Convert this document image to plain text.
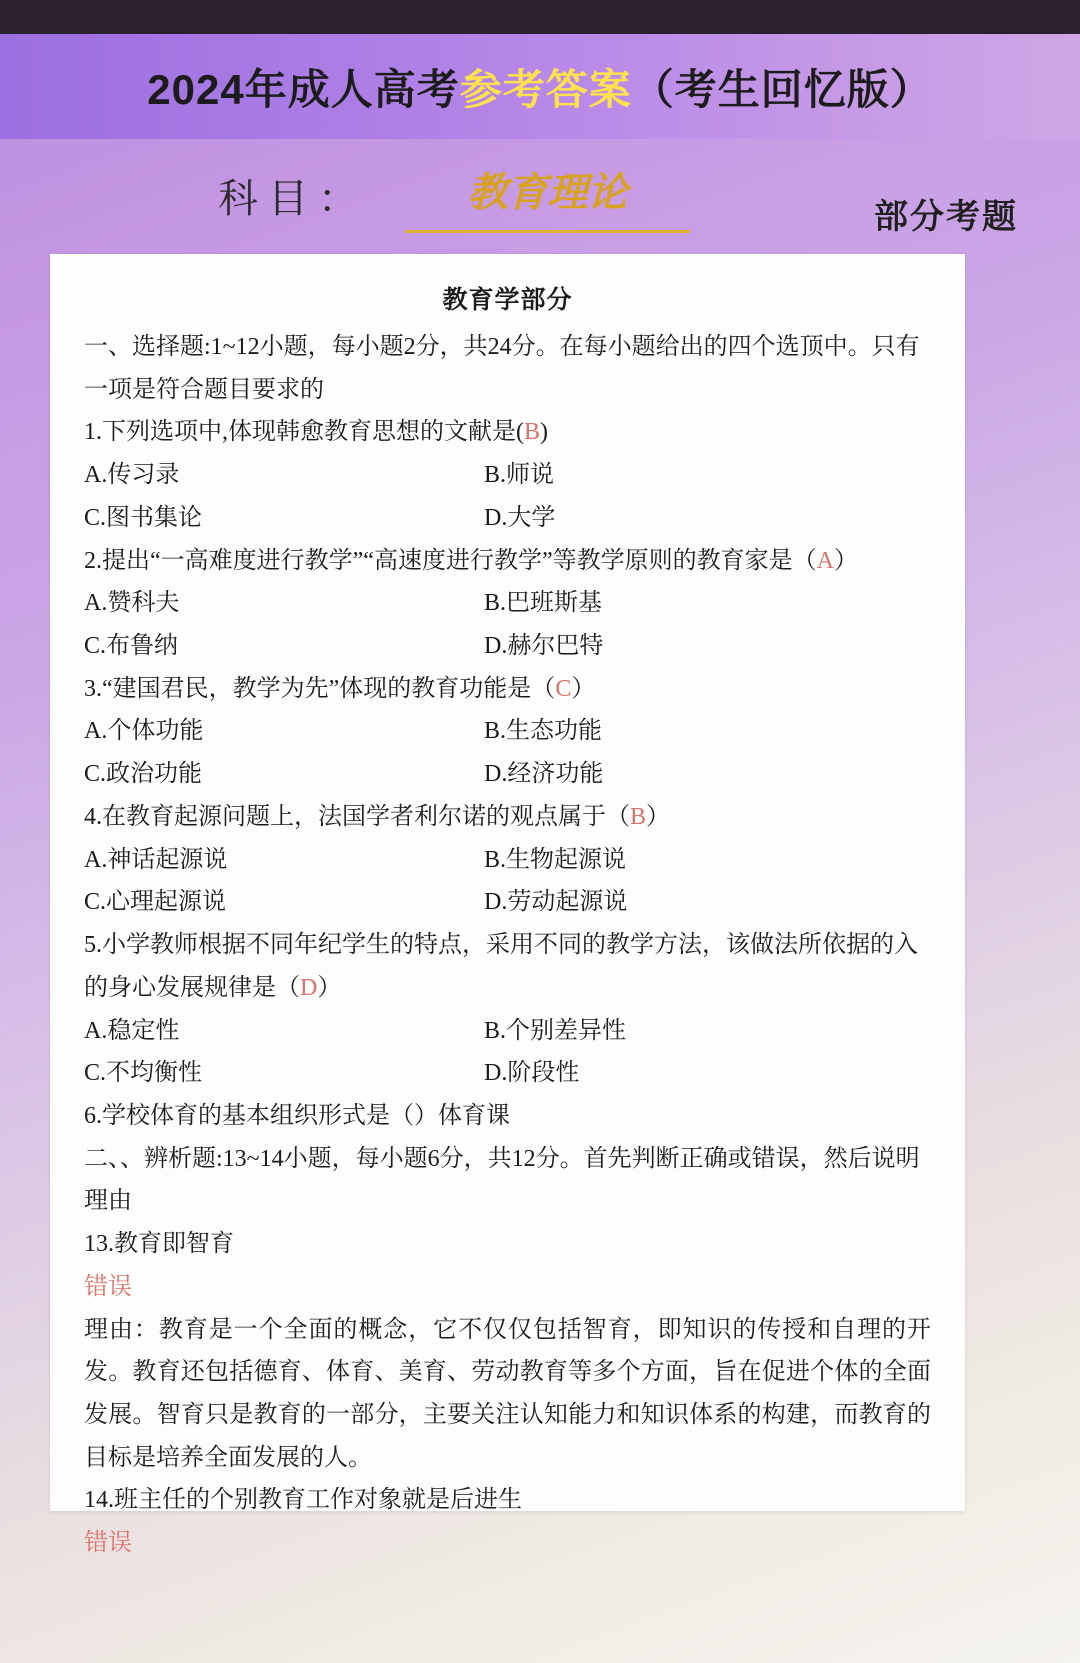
2024年成人高考参考答案（考生回忆版）
科目：	教育理论
部分考题
教育学部分
一、选择题:1~12小题，每小题2分，共24分。在每小题给出的四个选顶中。只有一项是符合题目要求的
1.下列选项中,体现韩愈教育思想的文献是(B)
A.传习录	B.师说
C.图书集论	D.大学
2.提出“一高难度进行教学”“高速度进行教学”等教学原则的教育家是（A）
A.赞科夫	B.巴班斯基
C.布鲁纳	D.赫尔巴特
3.“建国君民，教学为先”体现的教育功能是（C）
A.个体功能	B.生态功能
C.政治功能	D.经济功能
4.在教育起源问题上，法国学者利尔诺的观点属于（B）
A.神话起源说	B.生物起源说
C.心理起源说	D.劳动起源说
5.小学教师根据不同年纪学生的特点，采用不同的教学方法，该做法所依据的入的身心发展规律是（D）
A.稳定性	B.个别差异性
C.不均衡性	D.阶段性
6.学校体育的基本组织形式是（）体育课
二、、辨析题:13~14小题，每小题6分，共12分。首先判断正确或错误，然后说明理由
13.教育即智育
错误
理由：教育是一个全面的概念，它不仅仅包括智育，即知识的传授和自理的开发。教育还包括德育、体育、美育、劳动教育等多个方面，旨在促进个体的全面发展。智育只是教育的一部分，主要关注认知能力和知识体系的构建，而教育的目标是培养全面发展的人。
14.班主任的个别教育工作对象就是后进生
错误
